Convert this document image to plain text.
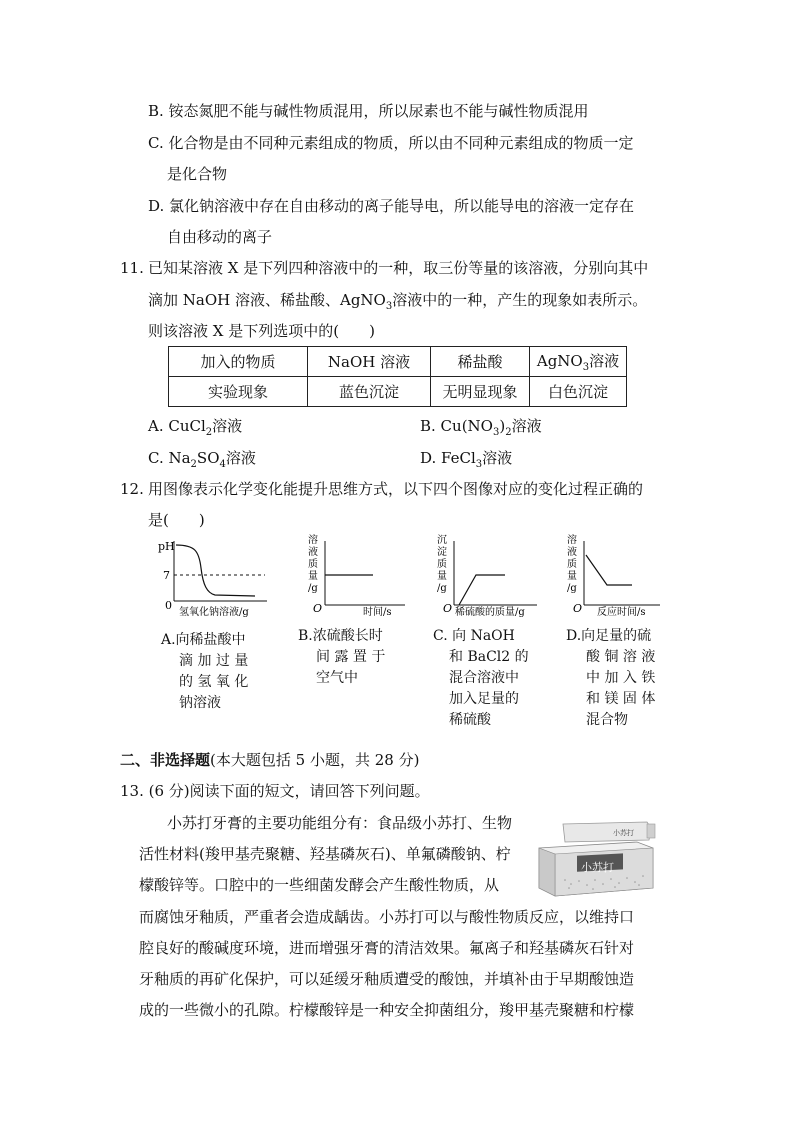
B. 铵态氮肥不能与碱性物质混用，所以尿素也不能与碱性物质混用
C. 化合物是由不同种元素组成的物质，所以由不同种元素组成的物质一定
是化合物
D. 氯化钠溶液中存在自由移动的离子能导电，所以能导电的溶液一定存在
自由移动的离子
11. 已知某溶液 X 是下列四种溶液中的一种，取三份等量的该溶液，分别向其中
滴加 NaOH 溶液、稀盐酸、AgNO$_3$溶液中的一种，产生的现象如表所示。
则该溶液 X 是下列选项中的(　　)
加入的物质	NaOH 溶液	稀盐酸	AgNO$_3$溶液
实验现象	蓝色沉淀	无明显现象	白色沉淀
A. CuCl$_2$溶液	B. $Cu(NO_3)_2$溶液
C. $Na_2SO_4$溶液	D. FeCl$_3$溶液
12. 用图像表示化学变化能提升思维方式，以下四个图像对应的变化过程正确的
是(　　)
pH
7
0
氢氧化钠溶液/g
溶
液
质
量
/g
O	时间/s
沉
淀
质
量
/g
O 稀硫酸的质量/g
溶
液
质
量
/g
O 反应时间/s
A.向稀盐酸中
滴 加 过 量
的 氢 氧 化
钠溶液
B.浓硫酸长时
间 露 置 于
空气中
C. 向 NaOH
和 BaCl2 的
混合溶液中
加入足量的
稀硫酸
D.向足量的硫
酸 铜 溶 液
中 加 入 铁
和 镁 固 体
混合物
二、非选择题(本大题包括 5 小题，共 28 分)
13. (6 分)阅读下面的短文，请回答下列问题。
小苏打牙膏的主要功能组分有：食品级小苏打、生物
活性材料(羧甲基壳聚糖、羟基磷灰石)、单氟磷酸钠、柠
檬酸锌等。口腔中的一些细菌发酵会产生酸性物质，从
而腐蚀牙釉质，严重者会造成龋齿。小苏打可以与酸性物质反应，以维持口
腔良好的酸碱度环境，进而增强牙膏的清洁效果。氟离子和羟基磷灰石针对
牙釉质的再矿化保护，可以延缓牙釉质遭受的酸蚀，并填补由于早期酸蚀造
成的一些微小的孔隙。柠檬酸锌是一种安全抑菌组分，羧甲基壳聚糖和柠檬
小苏打
小苏打
